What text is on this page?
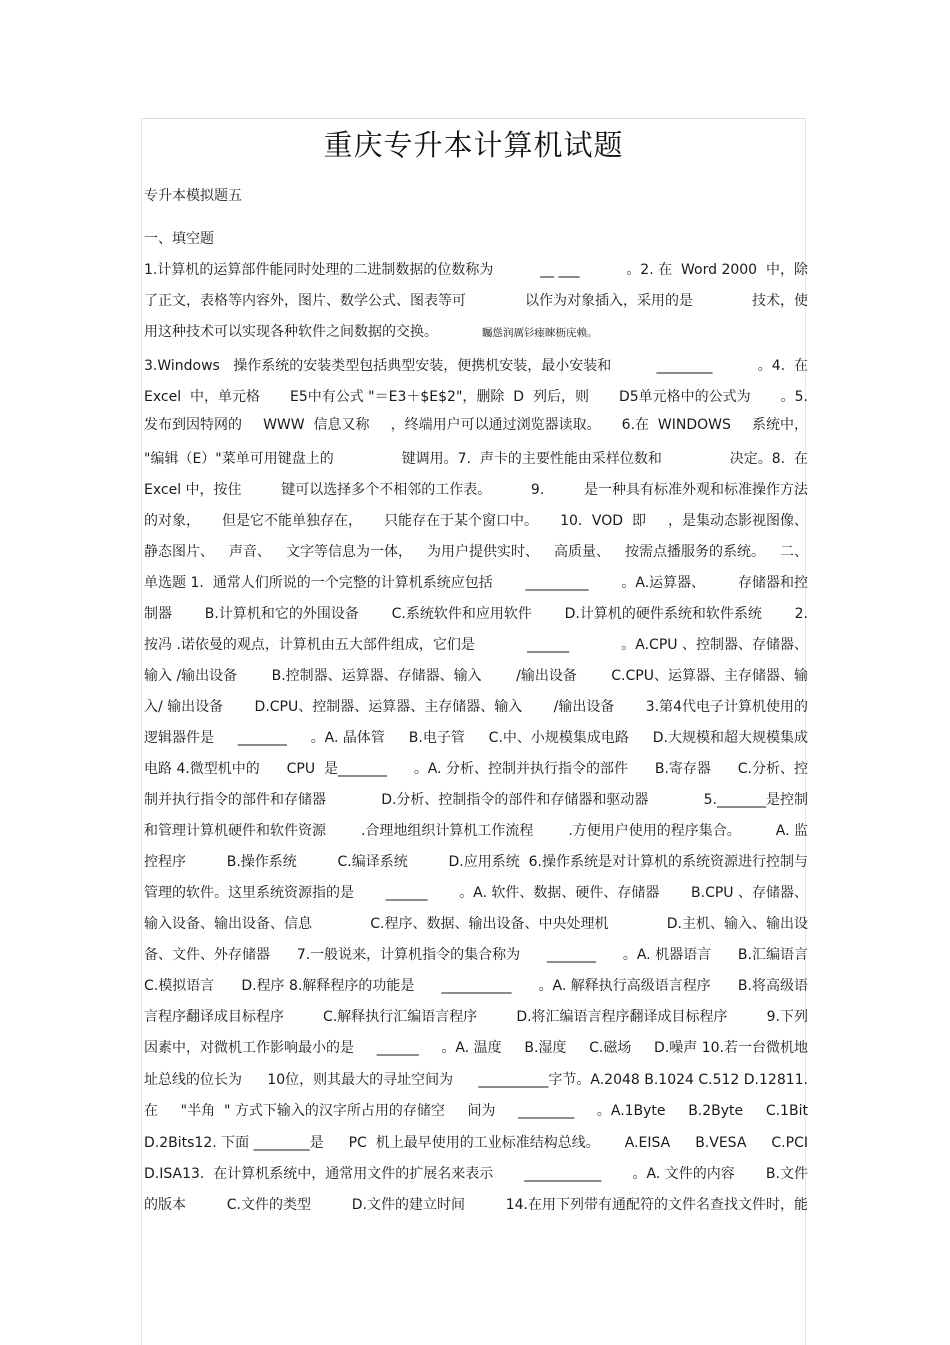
重庆专升本计算机试题
专升本模拟题五
一、填空题
1.计算机的运算部件能同时处理的二进制数据的位数称为	__ ___	。2. 在  Word 2000  中，除
了正文，表格等内容外，图片、数学公式、图表等可	以作为对象插入，采用的是	技术，使
用这种技术可以实现各种软件之间数据的交换。	矚慫润厲钐瘗睞枥庑赖。
3.Windows   操作系统的安装类型包括典型安装，便携机安装，最小安装和	________	。4.  在
Excel  中，单元格 E5中有公式 "＝E3＋$E$2"，删除  D  列后，则 D5单元格中的公式为 。5.
发布到因特网的 WWW  信息又称 ，终端用户可以通过浏览器读取。 6.在  WINDOWS 系统中，
"编辑（E）"菜单可用键盘上的	键调用。7.  声卡的主要性能由采样位数和	决定。8.  在
Excel 中，按住	键可以选择多个不相邻的工作表。	9.	是一种具有标准外观和标准操作方法
的对象， 但是它不能单独存在， 只能存在于某个窗口中。 10．VOD  即 ，是集动态影视图像、
静态图片、 声音、 文字等信息为一体， 为用户提供实时、 高质量、 按需点播服务的系统。 二、
单选题 1.  通常人们所说的一个完整的计算机系统应包括 _________ 。A.运算器、 存储器和控
制器 B.计算机和它的外围设备 C.系统软件和应用软件 D.计算机的硬件系统和软件系统 2.
按冯 .诺依曼的观点，计算机由五大部件组成，它们是	______	。A.CPU 、控制器、存储器、
输入 /输出设备 B.控制器、运算器、存储器、输入 /输出设备 C.CPU、运算器、主存储器、输
入/ 输出设备 D.CPU、控制器、运算器、主存储器、输入 /输出设备 3.第4代电子计算机使用的
逻辑器件是 _______ 。A. 晶体管 B.电子管 C.中、小规模集成电路 D.大规模和超大规模集成
电路 4.微型机中的 CPU  是_______ 。A. 分析、控制并执行指令的部件 B.寄存器 C.分析、控
制并执行指令的部件和存储器	D.分析、控制指令的部件和存储器和驱动器	5._______是控制
和管理计算机硬件和软件资源 .合理地组织计算机工作流程 .方便用户使用的程序集合。 A. 监
控程序	B.操作系统	C.编译系统	D.应用系统  6.操作系统是对计算机的系统资源进行控制与
管理的软件。这里系统资源指的是 ______ 。A. 软件、数据、硬件、存储器 B.CPU 、存储器、
输入设备、输出设备、信息	C.程序、数据、输出设备、中央处理机	D.主机、输入、输出设
备、文件、外存储器 7.一般说来，计算机指令的集合称为 _______ 。A. 机器语言 B.汇编语言
C.模拟语言 D.程序 8.解释程序的功能是 __________ 。A. 解释执行高级语言程序 B.将高级语
言程序翻译成目标程序	C.解释执行汇编语言程序	D.将汇编语言程序翻译成目标程序	9.下列
因素中，对微机工作影响最小的是 ______ 。A. 温度 B.湿度 C.磁场 D.噪声 10.若一台微机地
址总线的位长为 10位，则其最大的寻址空间为 __________字节。A.2048 B.1024 C.512 D.12811.
在 "半角  " 方式下输入的汉字所占用的存储空 间为 ________ 。A.1Byte B.2Byte C.1Bit
D.2Bits12. 下面 ________是 PC  机上最早使用的工业标准结构总线。 A.EISA B.VESA C.PCI
D.ISA13.  在计算机系统中，通常用文件的扩展名来表示 ___________ 。A. 文件的内容 B.文件
的版本	C.文件的类型	D.文件的建立时间	14.在用下列带有通配符的文件名查找文件时，能
